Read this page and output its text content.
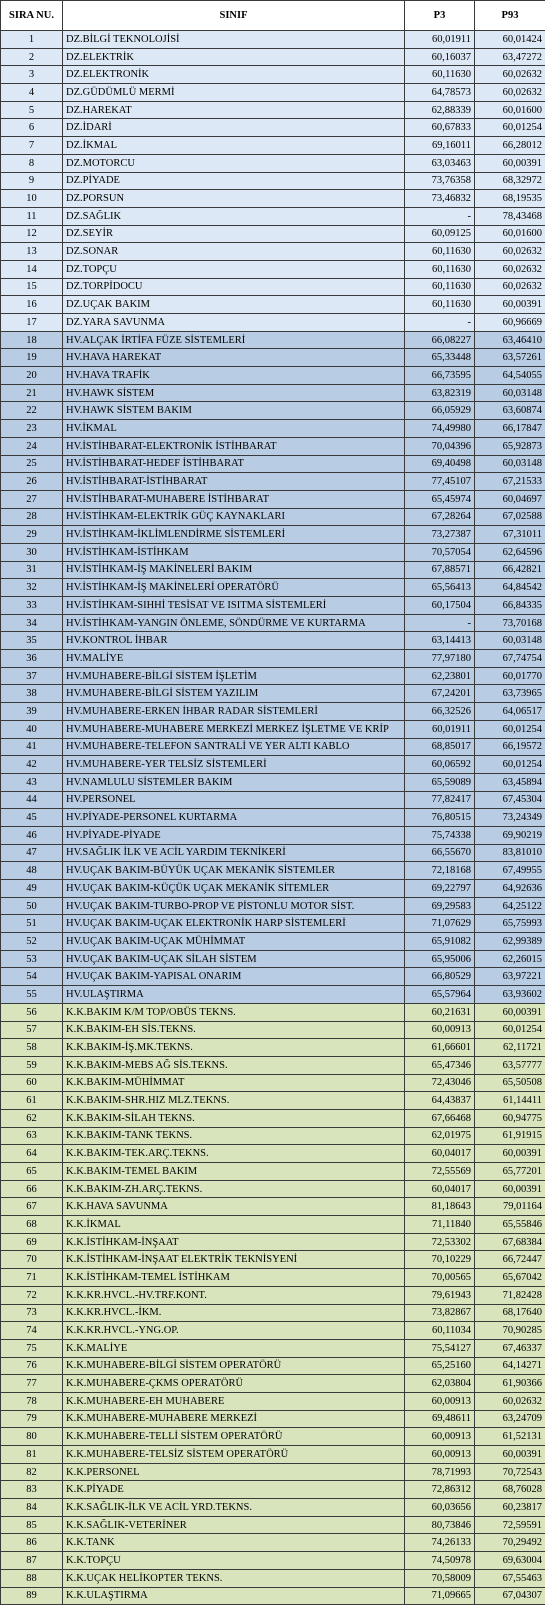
SIRA NU.	SINIF	P3	P93
1	DZ.BİLGİ TEKNOLOJİSİ	60,01911	60,01424
2	DZ.ELEKTRİK	60,16037	63,47272
3	DZ.ELEKTRONİK	60,11630	60,02632
4	DZ.GÜDÜMLÜ MERMİ	64,78573	60,02632
5	DZ.HAREKAT	62,88339	60,01600
6	DZ.İDARİ	60,67833	60,01254
7	DZ.İKMAL	69,16011	66,28012
8	DZ.MOTORCU	63,03463	60,00391
9	DZ.PİYADE	73,76358	68,32972
10	DZ.PORSUN	73,46832	68,19535
11	DZ.SAĞLIK	-	78,43468
12	DZ.SEYİR	60,09125	60,01600
13	DZ.SONAR	60,11630	60,02632
14	DZ.TOPÇU	60,11630	60,02632
15	DZ.TORPİDOCU	60,11630	60,02632
16	DZ.UÇAK BAKIM	60,11630	60,00391
17	DZ.YARA SAVUNMA	-	60,96669
18	HV.ALÇAK İRTİFA FÜZE SİSTEMLERİ	66,08227	63,46410
19	HV.HAVA HAREKAT	65,33448	63,57261
20	HV.HAVA TRAFİK	66,73595	64,54055
21	HV.HAWK SİSTEM	63,82319	60,03148
22	HV.HAWK SİSTEM BAKIM	66,05929	63,60874
23	HV.İKMAL	74,49980	66,17847
24	HV.İSTİHBARAT-ELEKTRONİK İSTİHBARAT	70,04396	65,92873
25	HV.İSTİHBARAT-HEDEF İSTİHBARAT	69,40498	60,03148
26	HV.İSTİHBARAT-İSTİHBARAT	77,45107	67,21533
27	HV.İSTİHBARAT-MUHABERE İSTİHBARAT	65,45974	60,04697
28	HV.İSTİHKAM-ELEKTRİK GÜÇ KAYNAKLARI	67,28264	67,02588
29	HV.İSTİHKAM-İKLİMLENDİRME SİSTEMLERİ	73,27387	67,31011
30	HV.İSTİHKAM-İSTİHKAM	70,57054	62,64596
31	HV.İSTİHKAM-İŞ MAKİNELERİ BAKIM	67,88571	66,42821
32	HV.İSTİHKAM-İŞ MAKİNELERİ OPERATÖRÜ	65,56413	64,84542
33	HV.İSTİHKAM-SIHHİ TESİSAT VE ISITMA SİSTEMLERİ	60,17504	66,84335
34	HV.İSTİHKAM-YANGIN ÖNLEME, SÖNDÜRME VE KURTARMA	-	73,70168
35	HV.KONTROL İHBAR	63,14413	60,03148
36	HV.MALİYE	77,97180	67,74754
37	HV.MUHABERE-BİLGİ SİSTEM İŞLETİM	62,23801	60,01770
38	HV.MUHABERE-BİLGİ SİSTEM YAZILIM	67,24201	63,73965
39	HV.MUHABERE-ERKEN İHBAR RADAR SİSTEMLERİ	66,32526	64,06517
40	HV.MUHABERE-MUHABERE MERKEZİ MERKEZ İŞLETME VE KRİP	60,01911	60,01254
41	HV.MUHABERE-TELEFON SANTRALİ VE YER ALTI KABLO	68,85017	66,19572
42	HV.MUHABERE-YER TELSİZ SİSTEMLERİ	60,06592	60,01254
43	HV.NAMLULU SİSTEMLER BAKIM	65,59089	63,45894
44	HV.PERSONEL	77,82417	67,45304
45	HV.PİYADE-PERSONEL KURTARMA	76,80515	73,24349
46	HV.PİYADE-PİYADE	75,74338	69,90219
47	HV.SAĞLIK İLK VE ACİL YARDIM TEKNİKERİ	66,55670	83,81010
48	HV.UÇAK BAKIM-BÜYÜK UÇAK MEKANİK SİSTEMLER	72,18168	67,49955
49	HV.UÇAK BAKIM-KÜÇÜK UÇAK MEKANİK SİTEMLER	69,22797	64,92636
50	HV.UÇAK BAKIM-TURBO-PROP VE PİSTONLU MOTOR SİST.	69,29583	64,25122
51	HV.UÇAK BAKIM-UÇAK ELEKTRONİK HARP SİSTEMLERİ	71,07629	65,75993
52	HV.UÇAK BAKIM-UÇAK MÜHİMMAT	65,91082	62,99389
53	HV.UÇAK BAKIM-UÇAK SİLAH SİSTEM	65,95006	62,26015
54	HV.UÇAK BAKIM-YAPISAL ONARIM	66,80529	63,97221
55	HV.ULAŞTIRMA	65,57964	63,93602
56	K.K.BAKIM K/M TOP/OBÜS TEKNS.	60,21631	60,00391
57	K.K.BAKIM-EH SİS.TEKNS.	60,00913	60,01254
58	K.K.BAKIM-İŞ.MK.TEKNS.	61,66601	62,11721
59	K.K.BAKIM-MEBS AĞ SİS.TEKNS.	65,47346	63,57777
60	K.K.BAKIM-MÜHİMMAT	72,43046	65,50508
61	K.K.BAKIM-SHR.HIZ MLZ.TEKNS.	64,43837	61,14411
62	K.K.BAKIM-SİLAH TEKNS.	67,66468	60,94775
63	K.K.BAKIM-TANK TEKNS.	62,01975	61,91915
64	K.K.BAKIM-TEK.ARÇ.TEKNS.	60,04017	60,00391
65	K.K.BAKIM-TEMEL BAKIM	72,55569	65,77201
66	K.K.BAKIM-ZH.ARÇ.TEKNS.	60,04017	60,00391
67	K.K.HAVA SAVUNMA	81,18643	79,01164
68	K.K.İKMAL	71,11840	65,55846
69	K.K.İSTİHKAM-İNŞAAT	72,53302	67,68384
70	K.K.İSTİHKAM-İNŞAAT ELEKTRİK TEKNİSYENİ	70,10229	66,72447
71	K.K.İSTİHKAM-TEMEL İSTİHKAM	70,00565	65,67042
72	K.K.KR.HVCL.-HV.TRF.KONT.	79,61943	71,82428
73	K.K.KR.HVCL.-İKM.	73,82867	68,17640
74	K.K.KR.HVCL.-YNG.OP.	60,11034	70,90285
75	K.K.MALİYE	75,54127	67,46337
76	K.K.MUHABERE-BİLGİ SİSTEM OPERATÖRÜ	65,25160	64,14271
77	K.K.MUHABERE-ÇKMS OPERATÖRÜ	62,03804	61,90366
78	K.K.MUHABERE-EH MUHABERE	60,00913	60,02632
79	K.K.MUHABERE-MUHABERE MERKEZİ	69,48611	63,24709
80	K.K.MUHABERE-TELLİ SİSTEM OPERATÖRÜ	60,00913	61,52131
81	K.K.MUHABERE-TELSİZ SİSTEM OPERATÖRÜ	60,00913	60,00391
82	K.K.PERSONEL	78,71993	70,72543
83	K.K.PİYADE	72,86312	68,76028
84	K.K.SAĞLIK-İLK VE ACİL YRD.TEKNS.	60,03656	60,23817
85	K.K.SAĞLIK-VETERİNER	80,73846	72,59591
86	K.K.TANK	74,26133	70,29492
87	K.K.TOPÇU	74,50978	69,63004
88	K.K.UÇAK HELİKOPTER TEKNS.	70,58009	67,55463
89	K.K.ULAŞTIRMA	71,09665	67,04307
